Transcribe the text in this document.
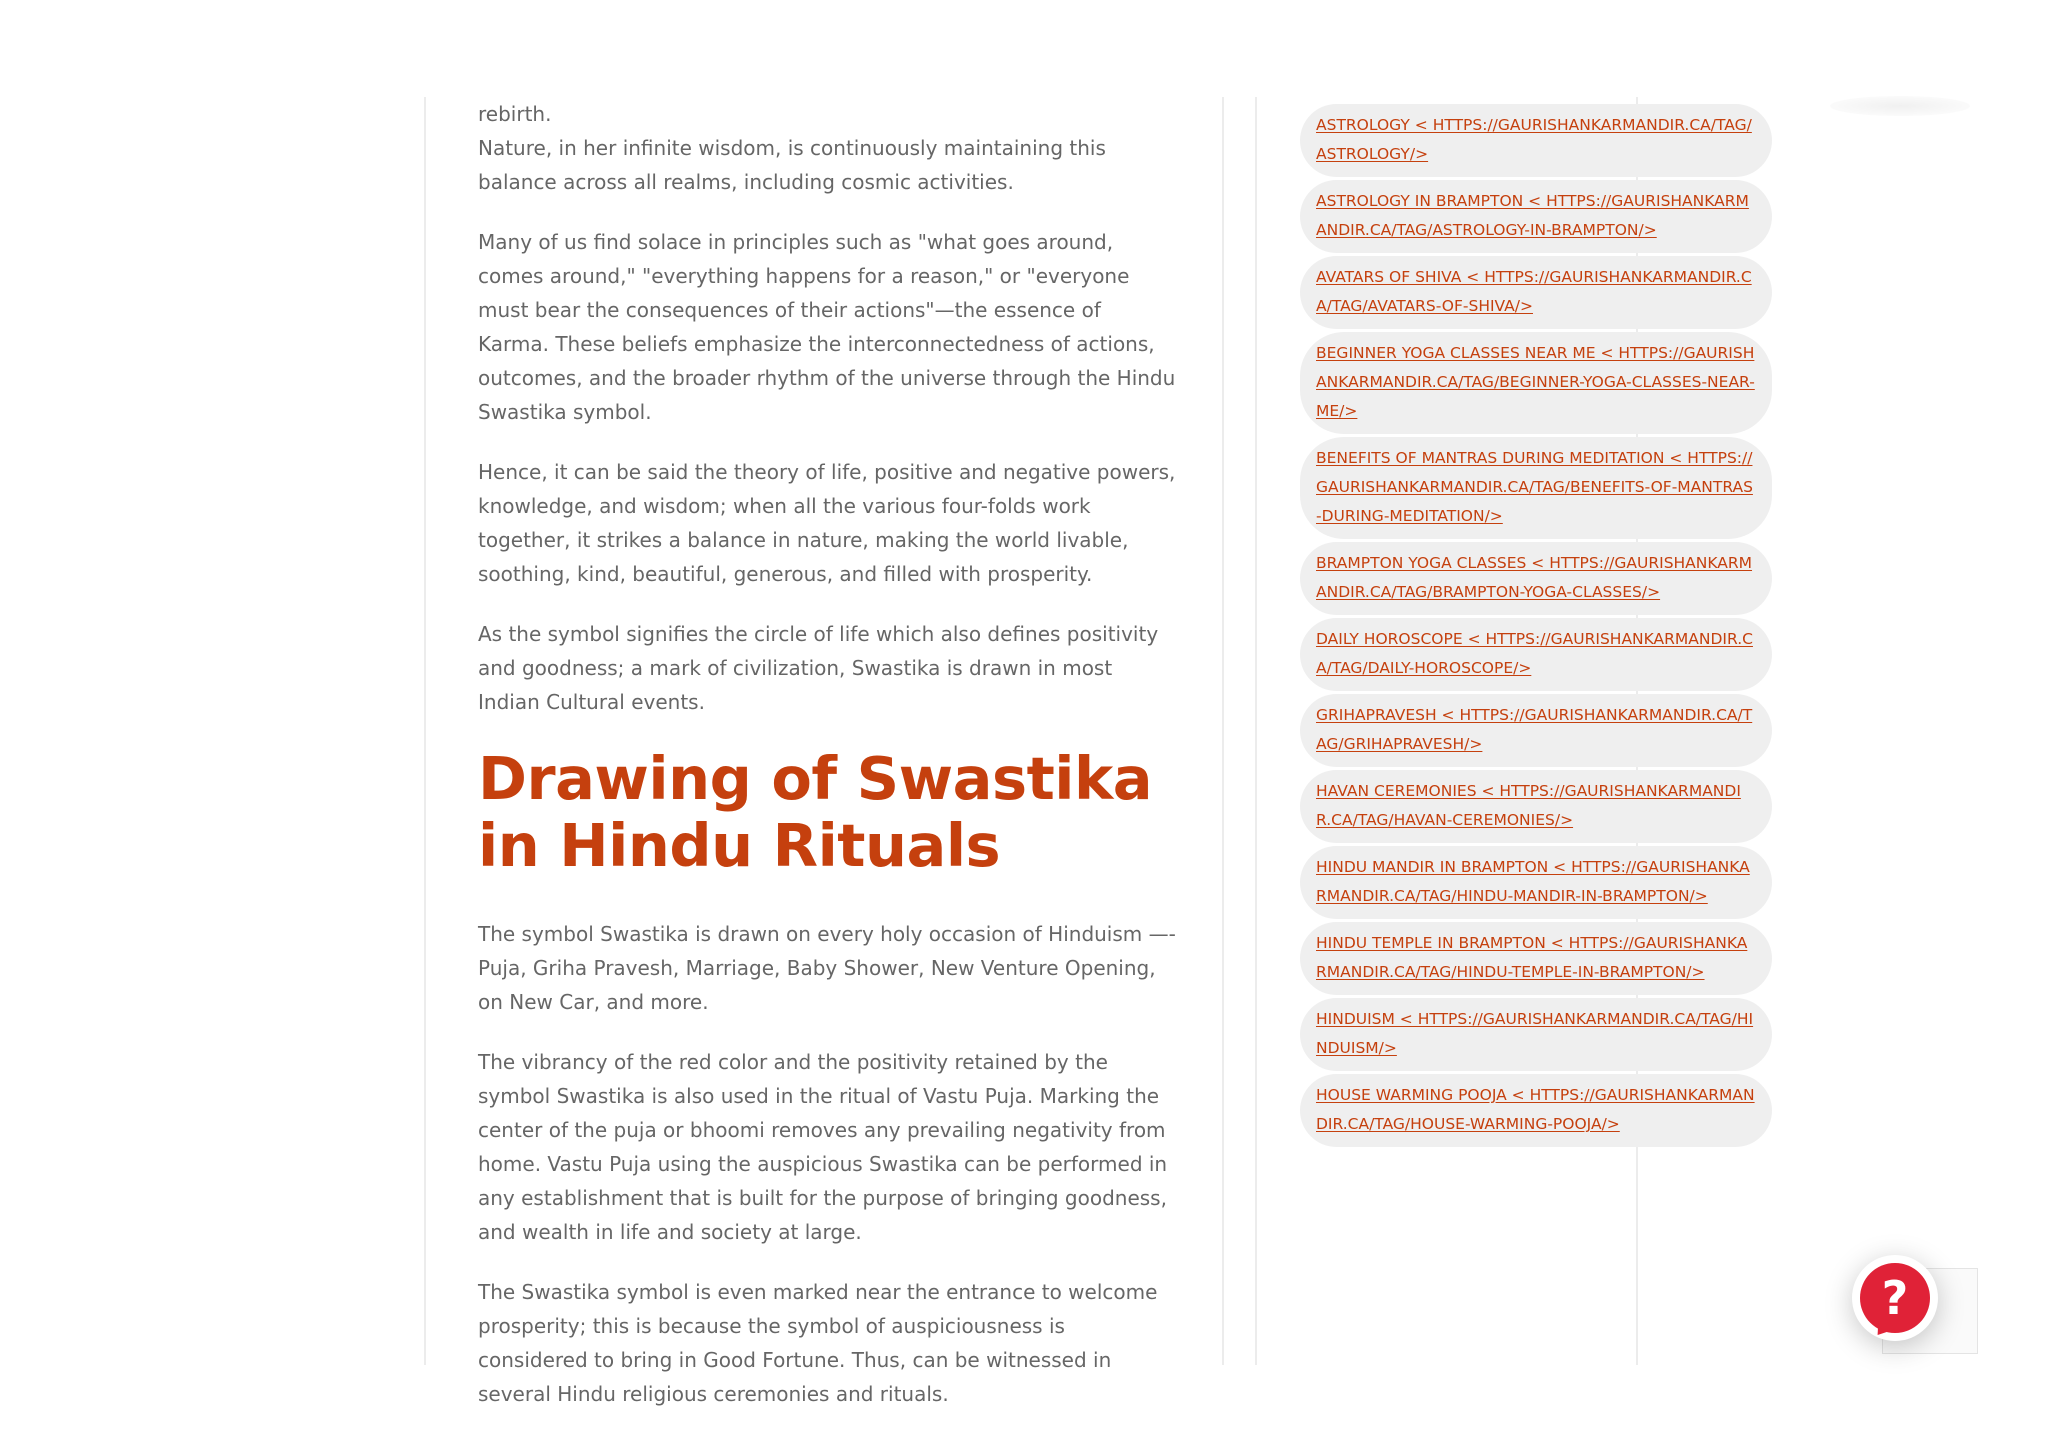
rebirth.

Nature, in her infinite wisdom, is continuously maintaining this balance across all realms, including cosmic activities.

Many of us find solace in principles such as "what goes around, comes around," "everything happens for a reason," or "everyone must bear the consequences of their actions"—the essence of Karma. These beliefs emphasize the interconnectedness of actions, outcomes, and the broader rhythm of the universe through the Hindu Swastika symbol.

Hence, it can be said the theory of life, positive and negative powers, knowledge, and wisdom; when all the various four-folds work together, it strikes a balance in nature, making the world livable, soothing, kind, beautiful, generous, and filled with prosperity.

As the symbol signifies the circle of life which also defines positivity and goodness; a mark of civilization, Swastika is drawn in most Indian Cultural events.

Drawing of Swastika in Hindu Rituals

The symbol Swastika is drawn on every holy occasion of Hinduism —- Puja, Griha Pravesh, Marriage, Baby Shower, New Venture Opening, on New Car, and more.

The vibrancy of the red color and the positivity retained by the symbol Swastika is also used in the ritual of Vastu Puja. Marking the center of the puja or bhoomi removes any prevailing negativity from home. Vastu Puja using the auspicious Swastika can be performed in any establishment that is built for the purpose of bringing goodness, and wealth in life and society at large.

The Swastika symbol is even marked near the entrance to welcome prosperity; this is because the symbol of auspiciousness is considered to bring in Good Fortune. Thus, can be witnessed in several Hindu religious ceremonies and rituals.

ASTROLOGY < HTTPS://GAURISHANKARMANDIR.CA/TAG/ASTROLOGY/>
ASTROLOGY IN BRAMPTON < HTTPS://GAURISHANKARMANDIR.CA/TAG/ASTROLOGY-IN-BRAMPTON/>
AVATARS OF SHIVA < HTTPS://GAURISHANKARMANDIR.CA/TAG/AVATARS-OF-SHIVA/>
BEGINNER YOGA CLASSES NEAR ME < HTTPS://GAURISHANKARMANDIR.CA/TAG/BEGINNER-YOGA-CLASSES-NEAR-ME/>
BENEFITS OF MANTRAS DURING MEDITATION < HTTPS://GAURISHANKARMANDIR.CA/TAG/BENEFITS-OF-MANTRAS-DURING-MEDITATION/>
BRAMPTON YOGA CLASSES < HTTPS://GAURISHANKARMANDIR.CA/TAG/BRAMPTON-YOGA-CLASSES/>
DAILY HOROSCOPE < HTTPS://GAURISHANKARMANDIR.CA/TAG/DAILY-HOROSCOPE/>
GRIHAPRAVESH < HTTPS://GAURISHANKARMANDIR.CA/TAG/GRIHAPRAVESH/>
HAVAN CEREMONIES < HTTPS://GAURISHANKARMANDIR.CA/TAG/HAVAN-CEREMONIES/>
HINDU MANDIR IN BRAMPTON < HTTPS://GAURISHANKARMANDIR.CA/TAG/HINDU-MANDIR-IN-BRAMPTON/>
HINDU TEMPLE IN BRAMPTON < HTTPS://GAURISHANKARMANDIR.CA/TAG/HINDU-TEMPLE-IN-BRAMPTON/>
HINDUISM < HTTPS://GAURISHANKARMANDIR.CA/TAG/HINDUISM/>
HOUSE WARMING POOJA < HTTPS://GAURISHANKARMANDIR.CA/TAG/HOUSE-WARMING-POOJA/>
?
